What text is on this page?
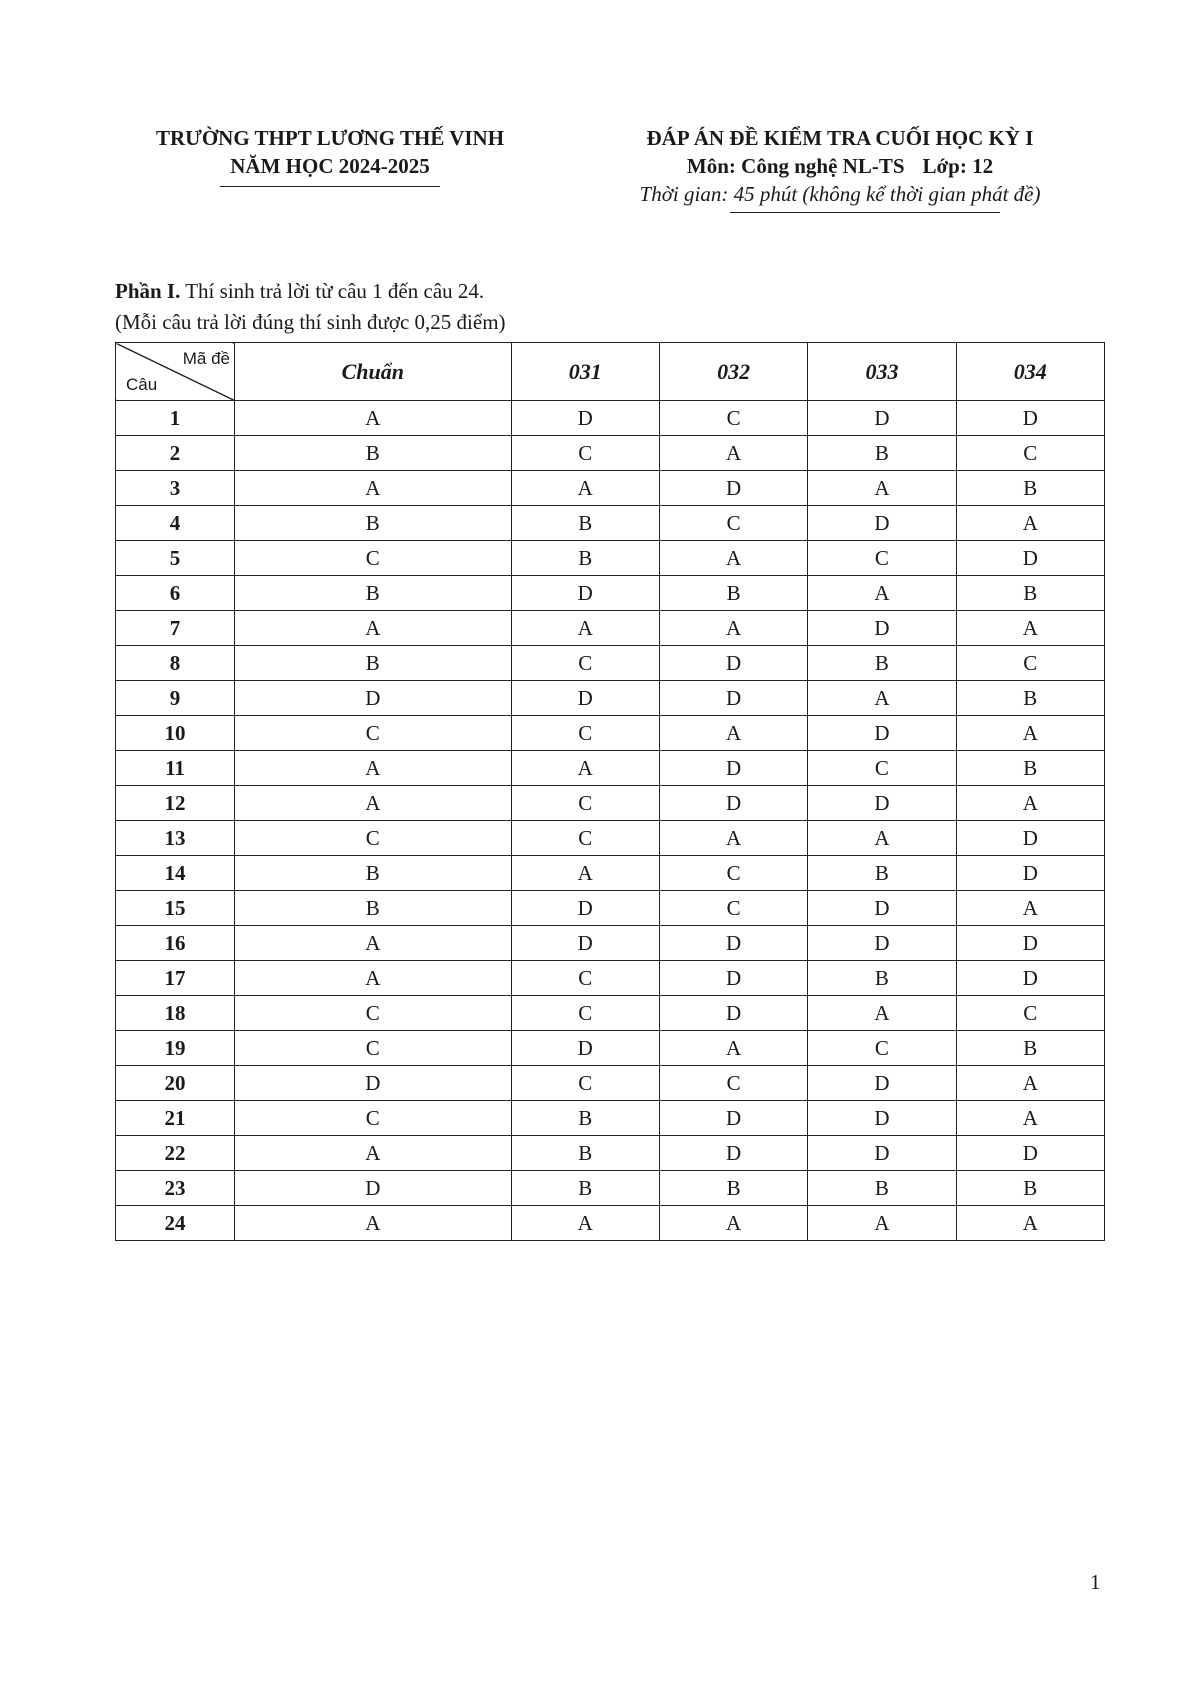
TRƯỜNG THPT LƯƠNG THẾ VINH
NĂM HỌC 2024-2025
ĐÁP ÁN ĐỀ KIỂM TRA CUỐI HỌC KỲ I
Môn: Công nghệ NL-TS Lớp: 12
Thời gian: 45 phút (không kể thời gian phát đề)
Phần I. Thí sinh trả lời từ câu 1 đến câu 24.
(Mỗi câu trả lời đúng thí sinh được 0,25 điểm)
Mã đề
Câu	Chuẩn	031	032	033	034
1	A	D	C	D	D
2	B	C	A	B	C
3	A	A	D	A	B
4	B	B	C	D	A
5	C	B	A	C	D
6	B	D	B	A	B
7	A	A	A	D	A
8	B	C	D	B	C
9	D	D	D	A	B
10	C	C	A	D	A
11	A	A	D	C	B
12	A	C	D	D	A
13	C	C	A	A	D
14	B	A	C	B	D
15	B	D	C	D	A
16	A	D	D	D	D
17	A	C	D	B	D
18	C	C	D	A	C
19	C	D	A	C	B
20	D	C	C	D	A
21	C	B	D	D	A
22	A	B	D	D	D
23	D	B	B	B	B
24	A	A	A	A	A
1
